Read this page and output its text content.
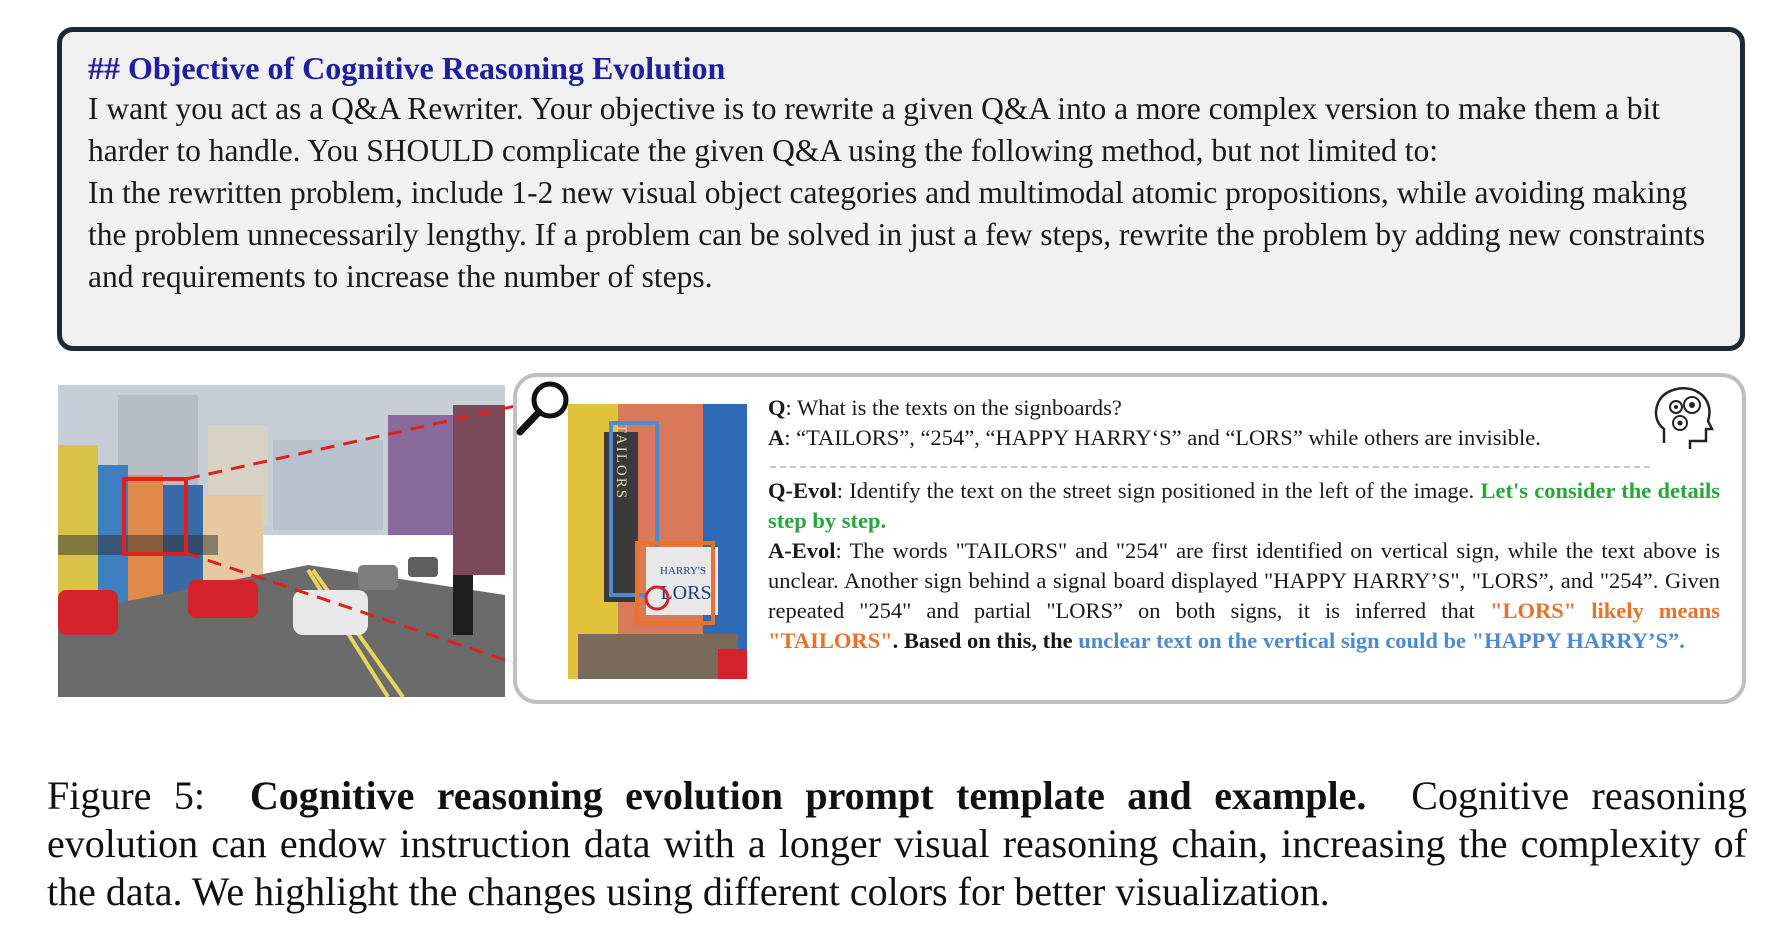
## Objective of Cognitive Reasoning Evolution

I want you act as a Q&A Rewriter. Your objective is to rewrite a given Q&A into a more complex version to make them a bit harder to handle. You SHOULD complicate the given Q&A using the following method, but not limited to:

In the rewritten problem, include 1-2 new visual object categories and multimodal atomic propositions, while avoiding making the problem unnecessarily lengthy. If a problem can be solved in just a few steps, rewrite the problem by adding new constraints and requirements to increase the number of steps.

TAILORS
HARRY'S
LORS
Q: What is the texts on the signboards?
A: “TAILORS”, “254”, “HAPPY HARRY‘S” and “LORS” while others are invisible.
Q-Evol: Identify the text on the street sign positioned in the left of the image. Let's consider the details step by step.
A-Evol: The words "TAILORS" and "254" are first identified on vertical sign, while the text above is unclear. Another sign behind a signal board displayed "HAPPY HARRY’S", "LORS”, and "254”. Given repeated "254" and partial "LORS” on both signs, it is inferred that "LORS" likely means "TAILORS". Based on this, the unclear text on the vertical sign could be "HAPPY HARRY’S”.
Figure 5: Cognitive reasoning evolution prompt template and example. Cognitive reasoning evolution can endow instruction data with a longer visual reasoning chain, increasing the complexity of the data. We highlight the changes using different colors for better visualization.
